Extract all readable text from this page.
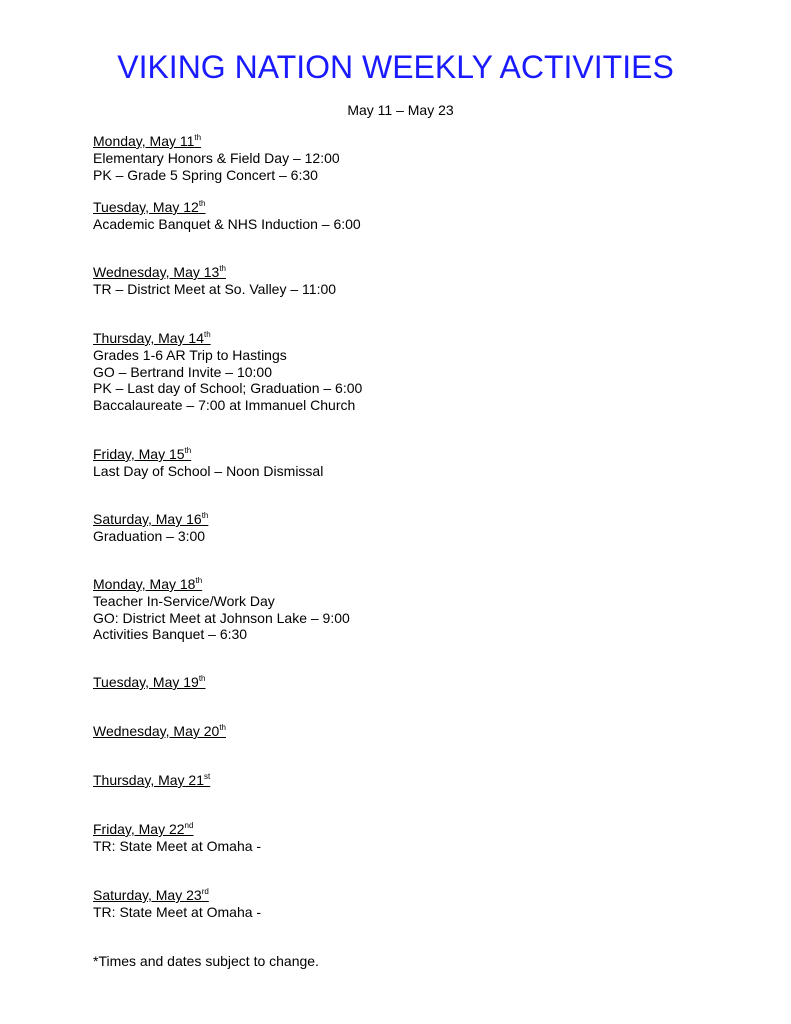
VIKING NATION WEEKLY ACTIVITIES
May 11 – May 23
Monday, May 11th
Elementary Honors & Field Day – 12:00
PK – Grade 5 Spring Concert – 6:30
Tuesday, May 12th
Academic Banquet & NHS Induction – 6:00
Wednesday, May 13th
TR – District Meet at So. Valley – 11:00
Thursday, May 14th
Grades 1-6 AR Trip to Hastings
GO – Bertrand Invite – 10:00
PK – Last day of School; Graduation – 6:00
Baccalaureate – 7:00 at Immanuel Church
Friday, May 15th
Last Day of School – Noon Dismissal
Saturday, May 16th
Graduation – 3:00
Monday, May 18th
Teacher In-Service/Work Day
GO: District Meet at Johnson Lake – 9:00
Activities Banquet – 6:30
Tuesday, May 19th
Wednesday, May 20th
Thursday, May 21st
Friday, May 22nd
TR: State Meet at Omaha -
Saturday, May 23rd
TR: State Meet at Omaha -
*Times and dates subject to change.
